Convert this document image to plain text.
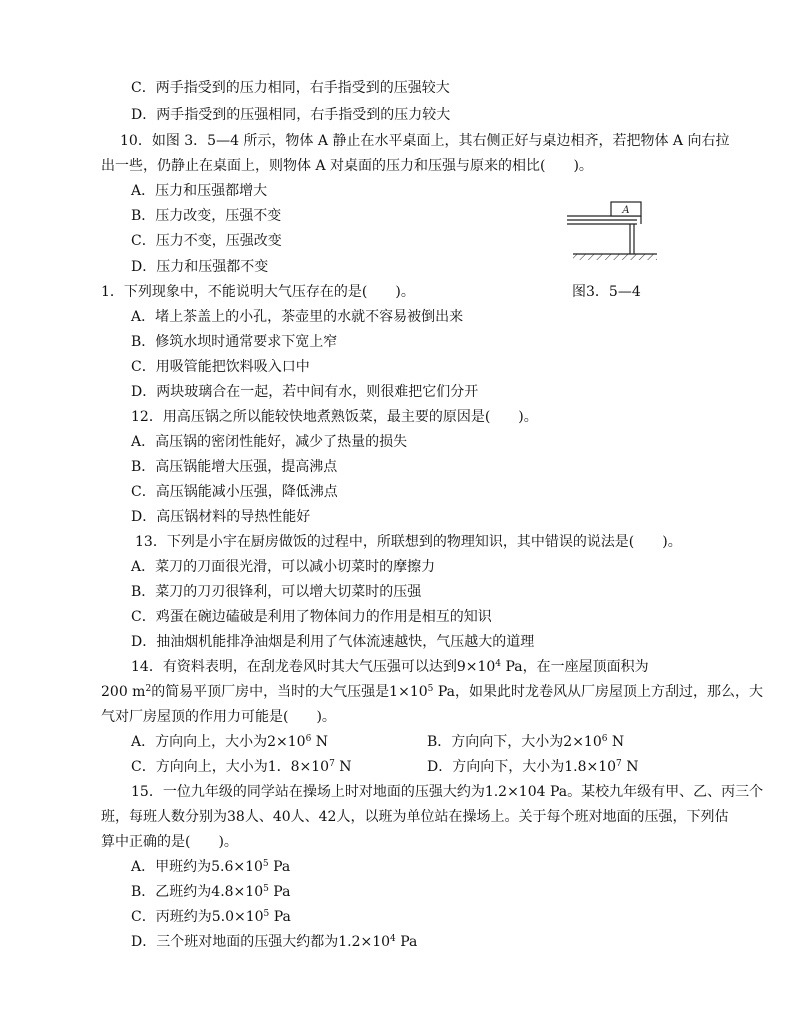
C．两手指受到的压力相同，右手指受到的压强较大
D．两手指受到的压强相同，右手指受到的压力较大
10．如图 3．5—4 所示，物体 A 静止在水平桌面上，其右侧正好与桌边相齐，若把物体 A 向右拉
出一些，仍静止在桌面上，则物体 A 对桌面的压力和压强与原来的相比(　　)。
A．压力和压强都增大
B．压力改变，压强不变
C．压力不变，压强改变
D．压力和压强都不变
A
图3．5—4
1．下列现象中，不能说明大气压存在的是(　　)。
A．堵上茶盖上的小孔，茶壶里的水就不容易被倒出来
B．修筑水坝时通常要求下宽上窄
C．用吸管能把饮料吸入口中
D．两块玻璃合在一起，若中间有水，则很难把它们分开
12．用高压锅之所以能较快地煮熟饭菜，最主要的原因是(　　)。
A．高压锅的密闭性能好，减少了热量的损失
B．高压锅能增大压强，提高沸点
C．高压锅能减小压强，降低沸点
D．高压锅材料的导热性能好
13．下列是小宇在厨房做饭的过程中，所联想到的物理知识，其中错误的说法是(　　)。
A．菜刀的刀面很光滑，可以减小切菜时的摩擦力
B．菜刀的刀刃很锋利，可以增大切菜时的压强
C．鸡蛋在碗边磕破是利用了物体间力的作用是相互的知识
D．抽油烟机能排净油烟是利用了气体流速越快，气压越大的道理
14．有资料表明，在刮龙卷风时其大气压强可以达到$9\times 10^4$ Pa，在一座屋顶面积为
200 $m^2$的简易平顶厂房中，当时的大气压强是$1\times 10^5$ Pa，如果此时龙卷风从厂房屋顶上方刮过，那么，大
气对厂房屋顶的作用力可能是(　　)。
A．方向向上，大小为$2\times 10^6$ N	B．方向向下，大小为$2\times 10^6$ N
C．方向向上，大小为1．$8\times 10^7$ N	D．方向向下，大小为$1.8\times 10^7$ N
15．一位九年级的同学站在操场上时对地面的压强大约为1.2×104 Pa。某校九年级有甲、乙、丙三个
班，每班人数分别为38人、40人、42人，以班为单位站在操场上。关于每个班对地面的压强，下列估
算中正确的是(　　)。
A．甲班约为$5.6\times 10^5$ Pa
B．乙班约为$4.8\times 10^5$ Pa
C．丙班约为$5.0\times 10^5$ Pa
D．三个班对地面的压强大约都为$1.2\times 10^4$ Pa
